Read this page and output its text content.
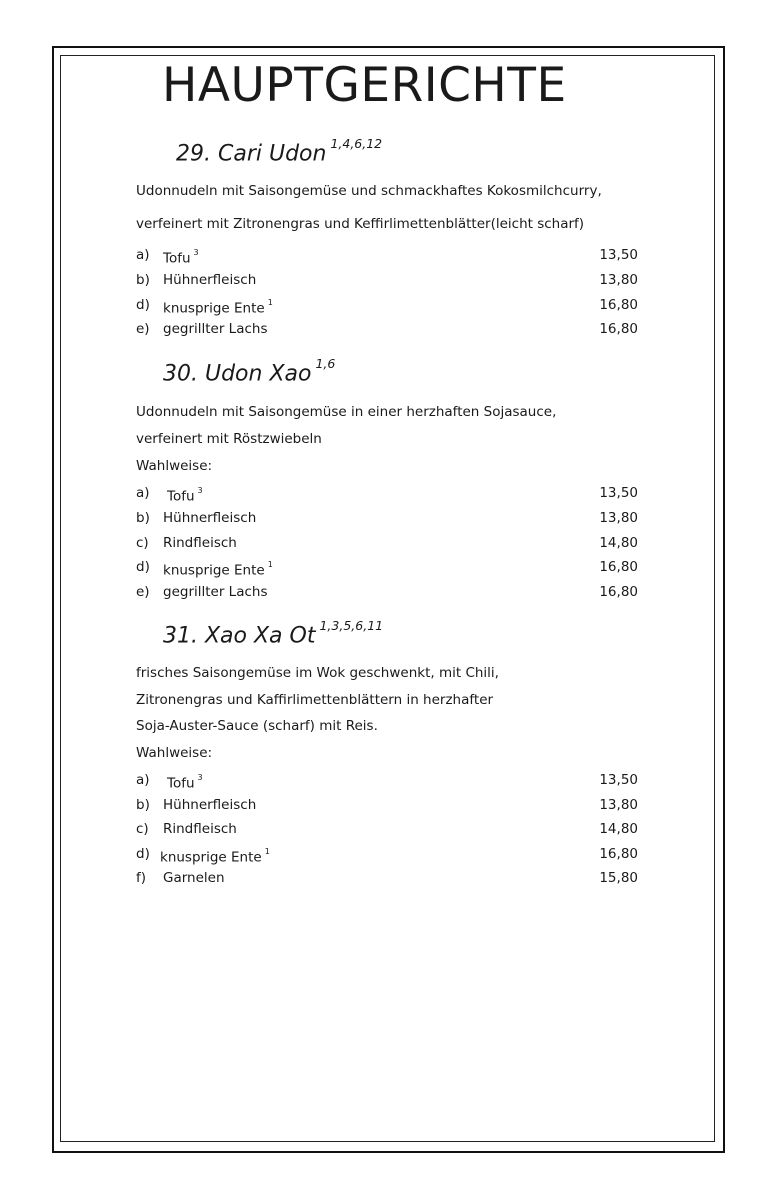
HAUPTGERICHTE
29. Cari Udon $^{1,4,6,12}$
Udonnudeln mit Saisongemüse und schmackhaftes Kokosmilchcurry,
verfeinert mit Zitronengras und Keffirlimettenblätter(leicht scharf)
a) Tofu $^3$	13,50
b) Hühnerfleisch	13,80
d) knusprige Ente $^1$	16,80
e) gegrillter Lachs	16,80
30. Udon Xao $^{1,6}$
Udonnudeln mit Saisongemüse in einer herzhaften Sojasauce,
verfeinert mit Röstzwiebeln
Wahlweise:
a) Tofu $^3$	13,50
b) Hühnerfleisch	13,80
c) Rindfleisch	14,80
d) knusprige Ente $^1$	16,80
e) gegrillter Lachs	16,80
31. Xao Xa Ot $^{1,3,5,6,11}$
frisches Saisongemüse im Wok geschwenkt, mit Chili,
Zitronengras und Kaffirlimettenblättern in herzhafter
Soja-Auster-Sauce (scharf) mit Reis.
Wahlweise:
a) Tofu $^3$	13,50
b) Hühnerfleisch	13,80
c) Rindfleisch	14,80
d) knusprige Ente $^1$	16,80
f) Garnelen	15,80
